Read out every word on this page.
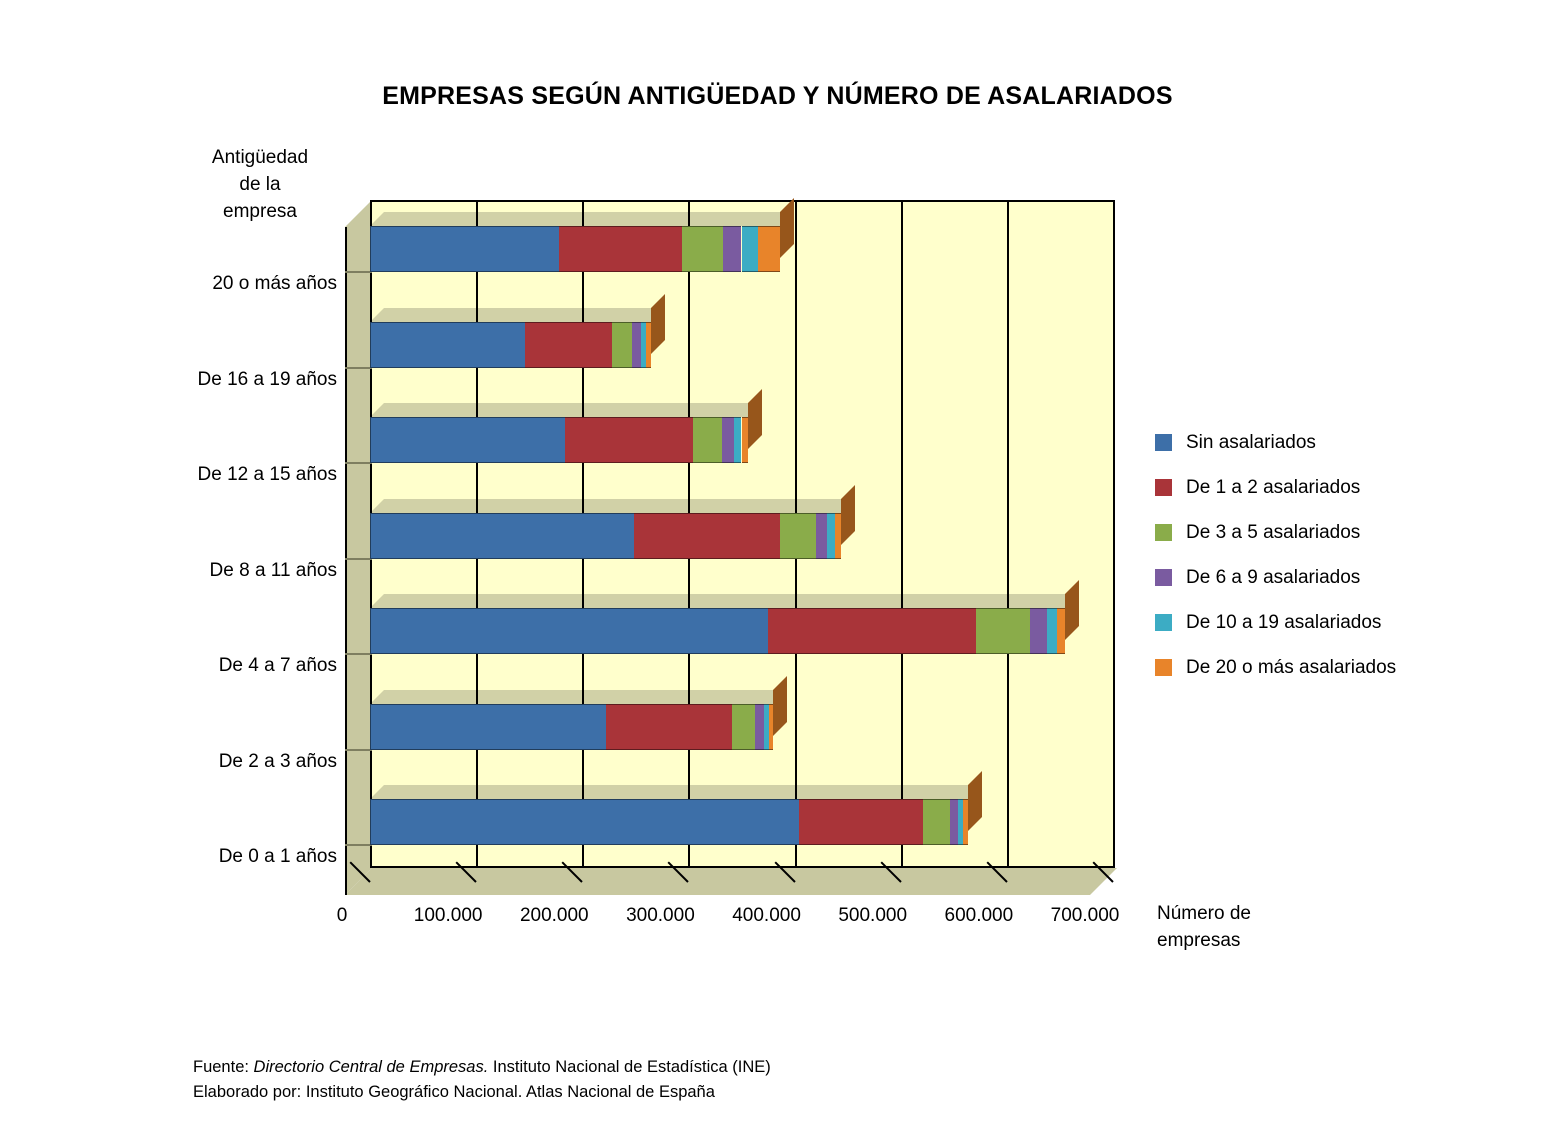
EMPRESAS SEGÚN ANTIGÜEDAD Y NÚMERO DE ASALARIADOS
Antigüedad
de la
empresa
De 0 a 1 años
De 2 a 3 años
De 4 a 7 años
De 8 a 11 años
De 12 a 15 años
De 16 a 19 años
20 o más años
0	100.000 200.000 300.000 400.000 500.000 600.000 700.000 Número de
empresas
Sin asalariados
De 1 a 2 asalariados
De 3 a 5 asalariados
De 6 a 9 asalariados
De 10 a 19 asalariados
De 20 o más asalariados
Fuente: Directorio Central de Empresas. Instituto Nacional de Estadística (INE)
Elaborado por: Instituto Geográfico Nacional. Atlas Nacional de España
